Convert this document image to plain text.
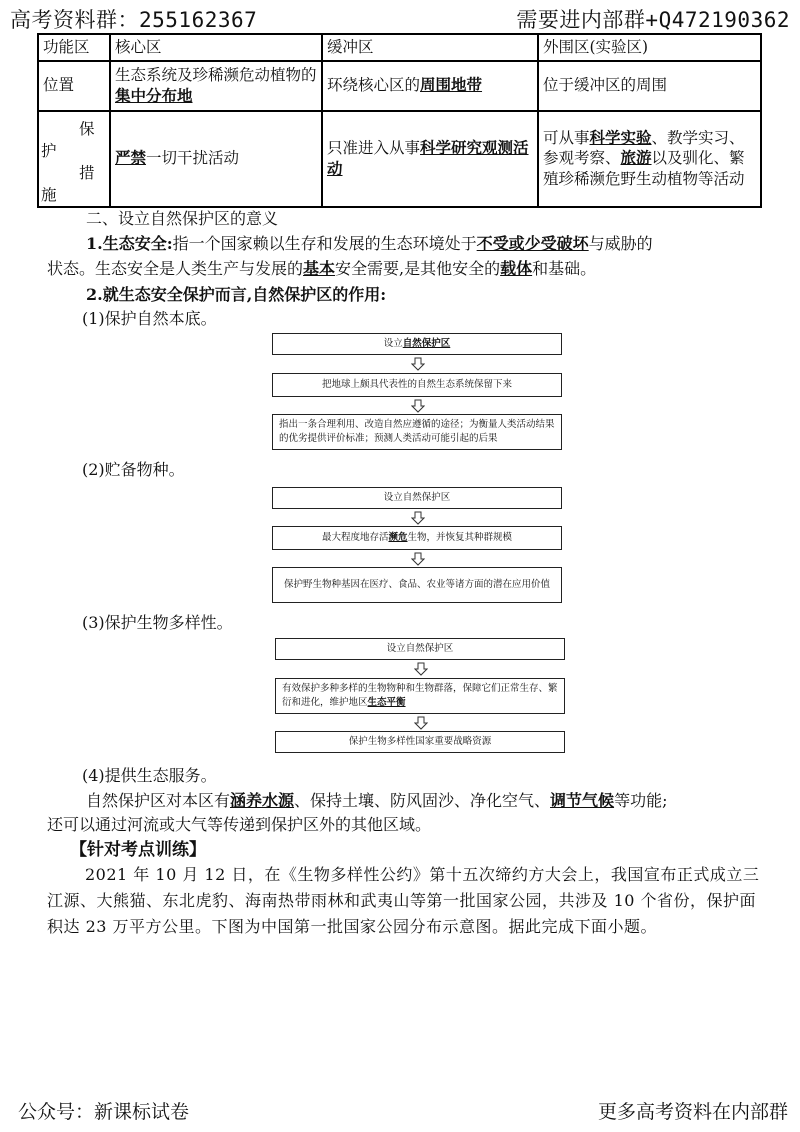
高考资料群：255162367	需要进内部群+Q472190362
功能区	核心区	缓冲区	外围区(实验区)
位置	生态系统及珍稀濒危动植物的集中分布地	环绕核心区的周围地带	位于缓冲区的周围

保
护
措
施	严禁一切干扰活动	只准进入从事科学研究观测活动	可从事科学实验、教学实习、参观考察、旅游以及驯化、繁殖珍稀濒危野生动植物等活动
二、设立自然保护区的意义
1.生态安全:指一个国家赖以生存和发展的生态环境处于不受或少受破坏与威胁的
状态。生态安全是人类生产与发展的基本安全需要,是其他安全的载体和基础。
2.就生态安全保护而言,自然保护区的作用:
(1)保护自然本底。
设立 自然保护区
把地球上颇具代表性的自然生态系统保留下来
指出一条合理利用、改造自然应遵循的途径；为衡量人类活动结果的优劣提供评价标准；预测人类活动可能引起的后果
(2)贮备物种。
设立自然保护区
最大程度地存活 濒危 生物，并恢复其种群规模
保护野生物种基因在医疗、食品、农业等诸方面的潜在应用价值
(3)保护生物多样性。
设立自然保护区
有效保护多种多样的生物物种和生物群落，保障它们正常生存、繁衍和进化，维护地区生态平衡
保护生物多样性国家重要战略资源
(4)提供生态服务。
自然保护区对本区有涵养水源、保持土壤、防风固沙、净化空气、调节气候等功能;
还可以通过河流或大气等传递到保护区外的其他区域。
【针对考点训练】
2021 年 10 月 12 日，在《生物多样性公约》第十五次缔约方大会上，我国宣布正式成立三江源、大熊猫、东北虎豹、海南热带雨林和武夷山等第一批国家公园，共涉及 10 个省份，保护面积达 23 万平方公里。下图为中国第一批国家公园分布示意图。据此完成下面小题。
公众号：新课标试卷	更多高考资料在内部群
